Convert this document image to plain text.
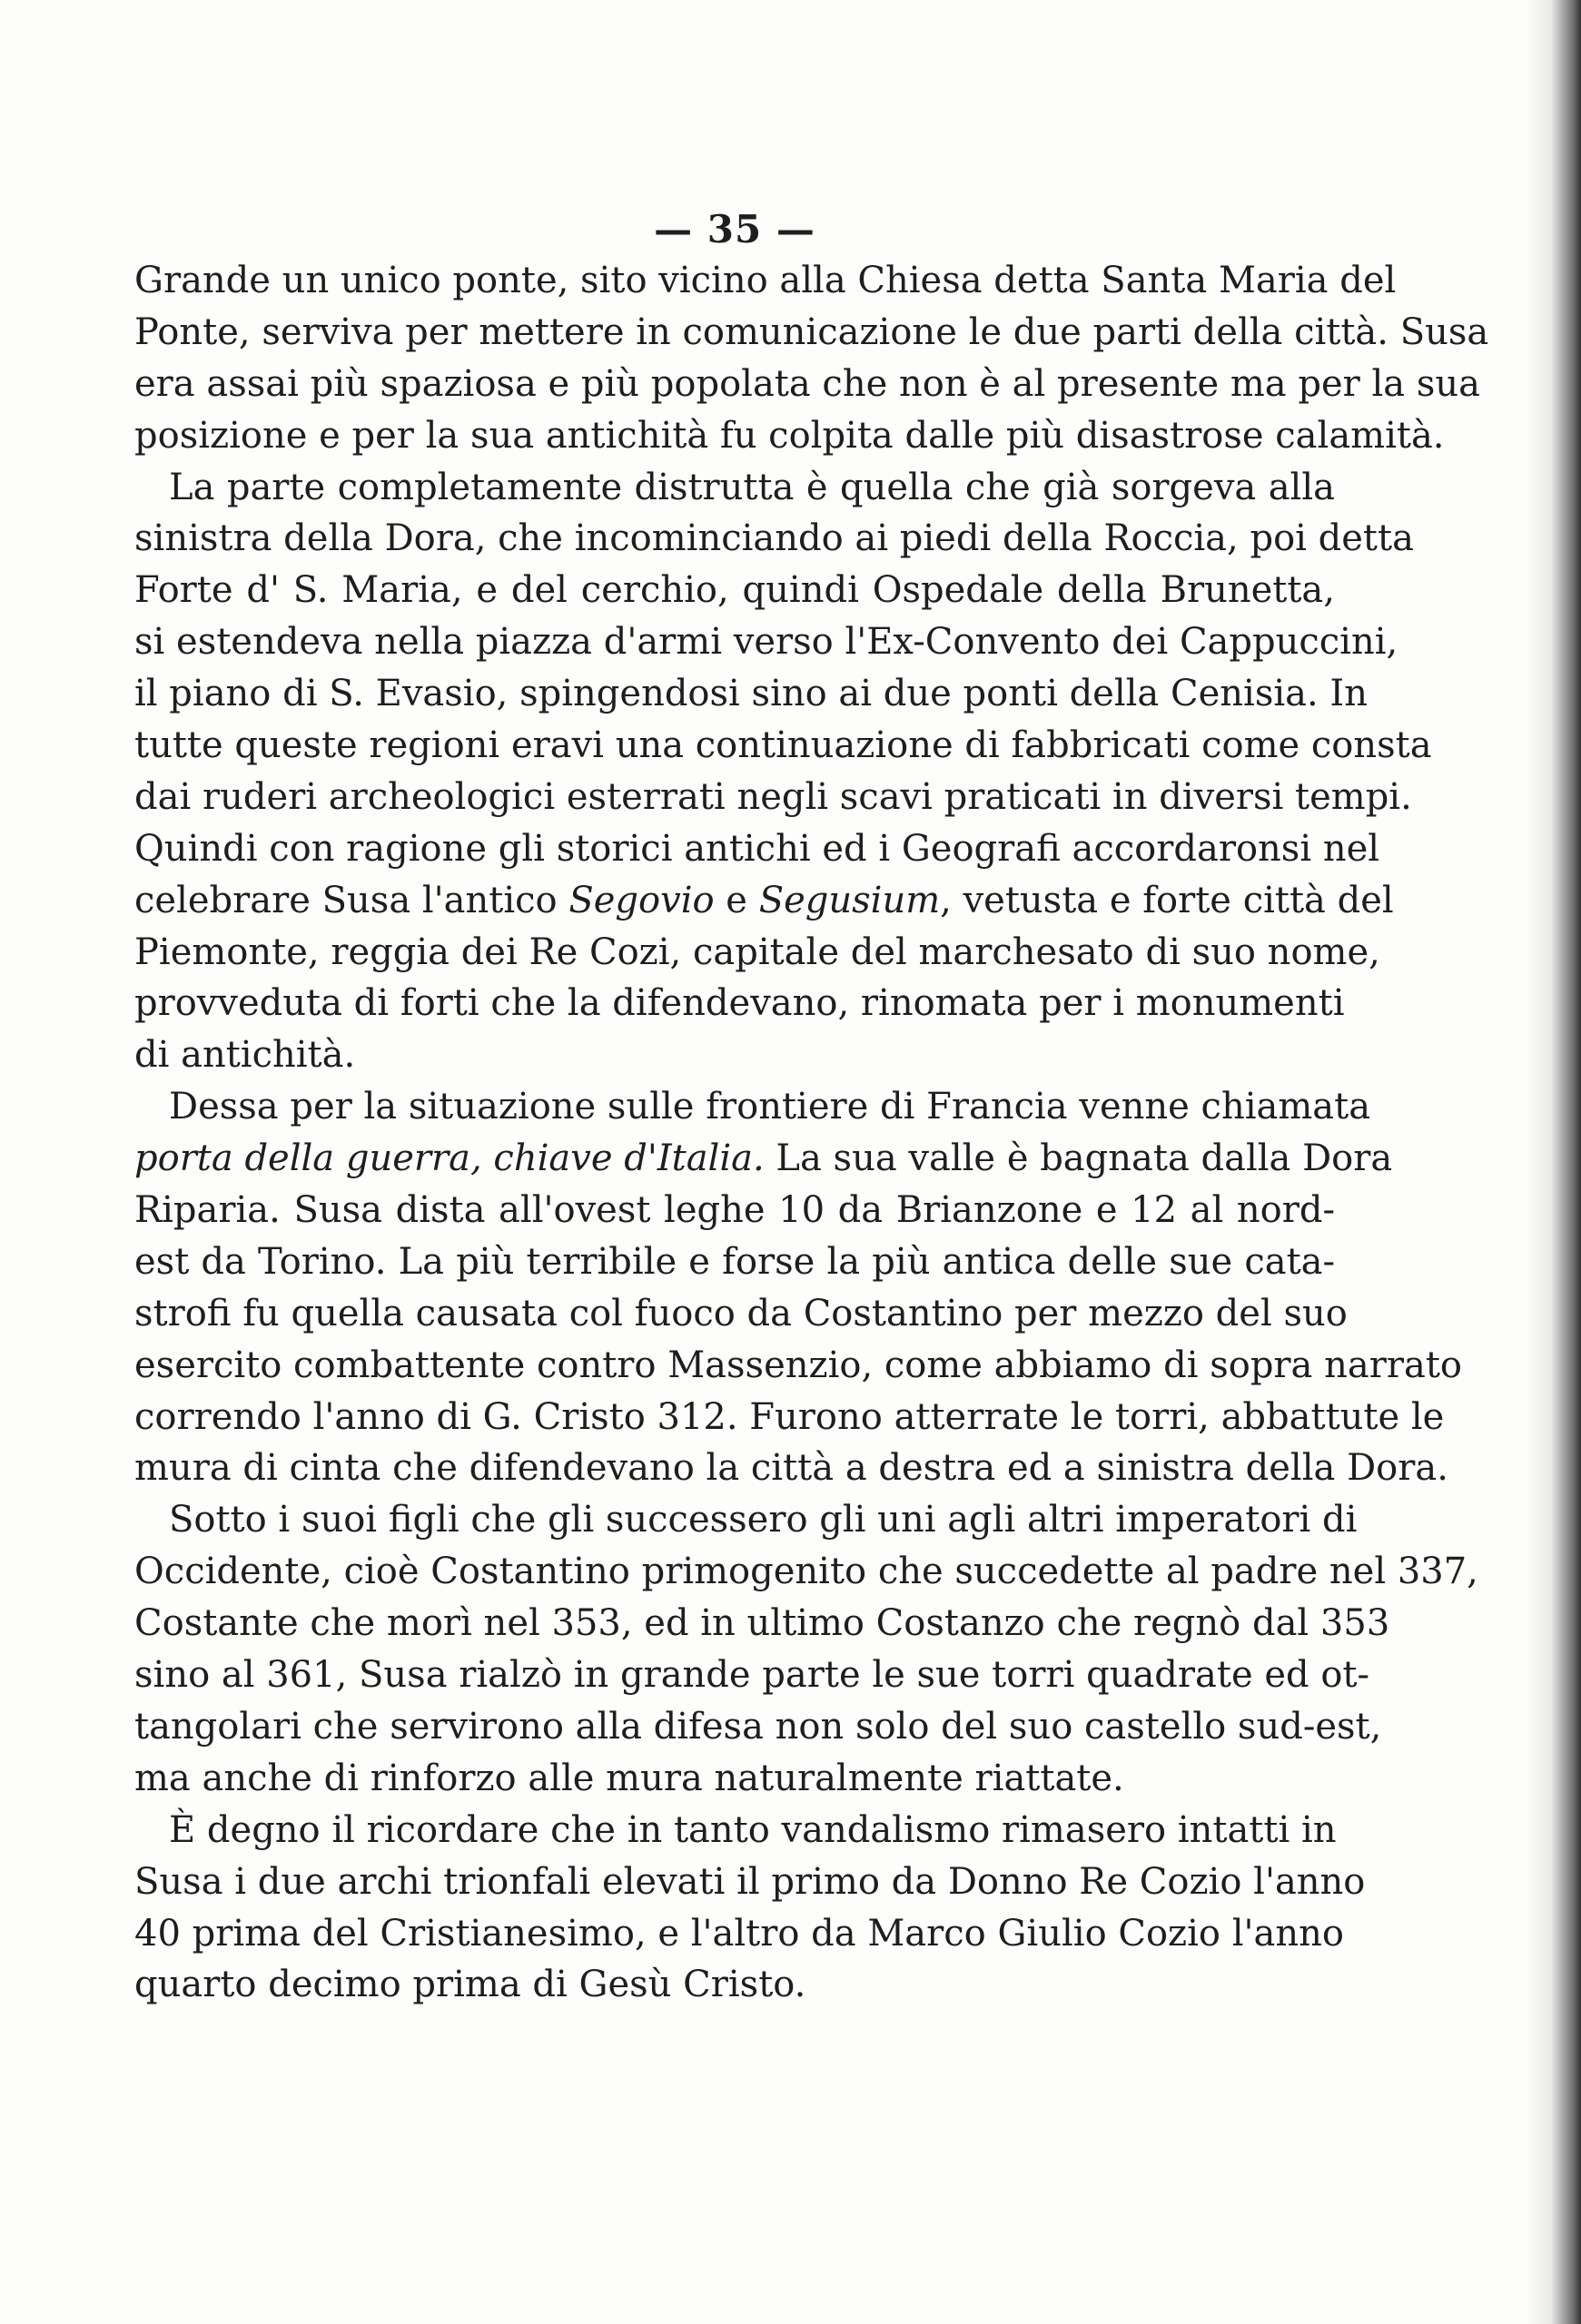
— 35 —
Grande un unico ponte, sito vicino alla Chiesa detta Santa Maria del
Ponte, serviva per mettere in comunicazione le due parti della città. Susa
era assai più spaziosa e più popolata che non è al presente ma per la sua
posizione e per la sua antichità fu colpita dalle più disastrose calamità.
La parte completamente distrutta è quella che già sorgeva alla
sinistra della Dora, che incominciando ai piedi della Roccia, poi detta
Forte d' S. Maria, e del cerchio, quindi Ospedale della Brunetta,
si estendeva nella piazza d'armi verso l'Ex-Convento dei Cappuccini,
il piano di S. Evasio, spingendosi sino ai due ponti della Cenisia. In
tutte queste regioni eravi una continuazione di fabbricati come consta
dai ruderi archeologici esterrati negli scavi praticati in diversi tempi.
Quindi con ragione gli storici antichi ed i Geografi accordaronsi nel
celebrare Susa l'antico Segovio e Segusium, vetusta e forte città del
Piemonte, reggia dei Re Cozi, capitale del marchesato di suo nome,
provveduta di forti che la difendevano, rinomata per i monumenti
di antichità.
Dessa per la situazione sulle frontiere di Francia venne chiamata
porta della guerra, chiave d'Italia. La sua valle è bagnata dalla Dora
Riparia. Susa dista all'ovest leghe 10 da Brianzone e 12 al nord-
est da Torino. La più terribile e forse la più antica delle sue cata-
strofi fu quella causata col fuoco da Costantino per mezzo del suo
esercito combattente contro Massenzio, come abbiamo di sopra narrato
correndo l'anno di G. Cristo 312. Furono atterrate le torri, abbattute le
mura di cinta che difendevano la città a destra ed a sinistra della Dora.
Sotto i suoi figli che gli successero gli uni agli altri imperatori di
Occidente, cioè Costantino primogenito che succedette al padre nel 337,
Costante che morì nel 353, ed in ultimo Costanzo che regnò dal 353
sino al 361, Susa rialzò in grande parte le sue torri quadrate ed ot-
tangolari che servirono alla difesa non solo del suo castello sud-est,
ma anche di rinforzo alle mura naturalmente riattate.
È degno il ricordare che in tanto vandalismo rimasero intatti in
Susa i due archi trionfali elevati il primo da Donno Re Cozio l'anno
40 prima del Cristianesimo, e l'altro da Marco Giulio Cozio l'anno
quarto decimo prima di Gesù Cristo.
